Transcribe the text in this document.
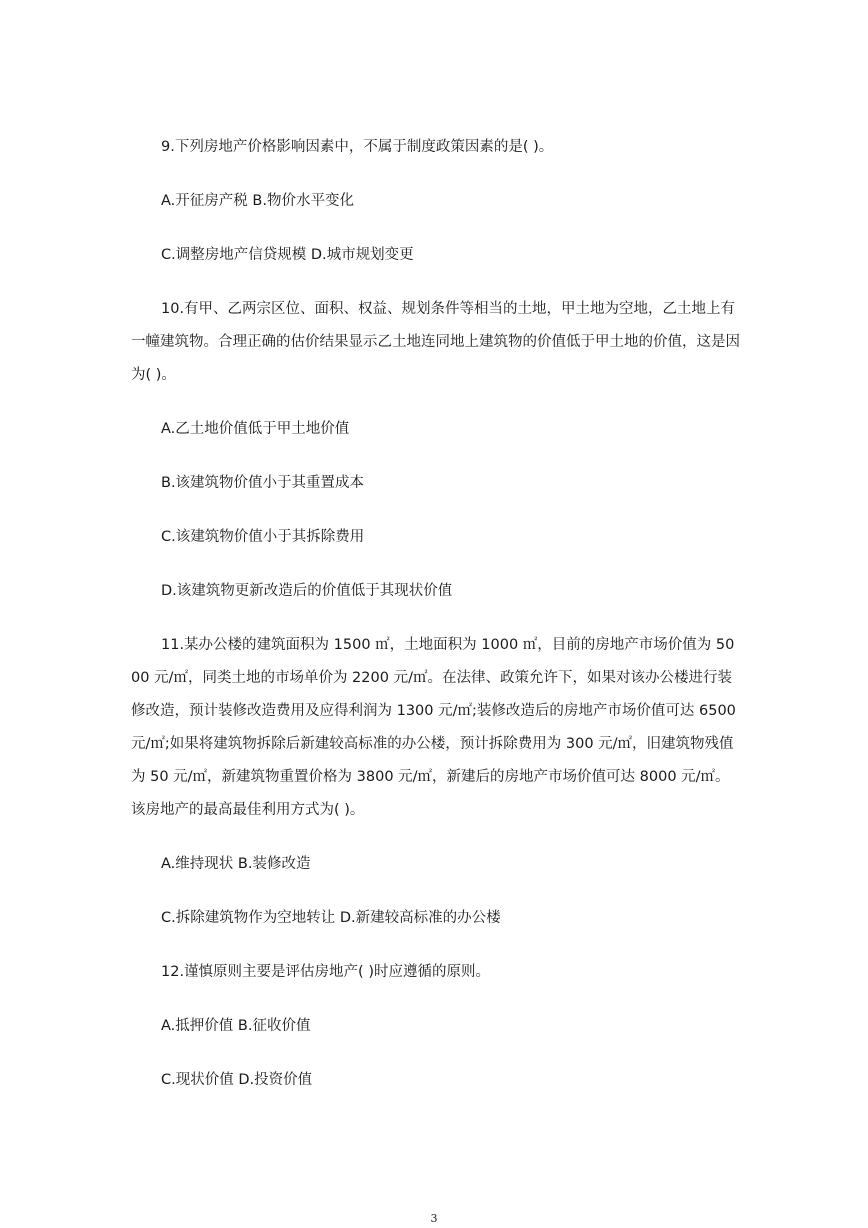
9.下列房地产价格影响因素中，不属于制度政策因素的是( )。

A.开征房产税 B.物价水平变化

C.调整房地产信贷规模 D.城市规划变更

10.有甲、乙两宗区位、面积、权益、规划条件等相当的土地，甲土地为空地，乙土地上有一幢建筑物。合理正确的估价结果显示乙土地连同地上建筑物的价值低于甲土地的价值，这是因为( )。

A.乙土地价值低于甲土地价值

B.该建筑物价值小于其重置成本

C.该建筑物价值小于其拆除费用

D.该建筑物更新改造后的价值低于其现状价值

11.某办公楼的建筑面积为 1500 ㎡，土地面积为 1000 ㎡，目前的房地产市场价值为 5000 元/㎡，同类土地的市场单价为 2200 元/㎡。在法律、政策允许下，如果对该办公楼进行装修改造，预计装修改造费用及应得利润为 1300 元/㎡;装修改造后的房地产市场价值可达 6500 元/㎡;如果将建筑物拆除后新建较高标准的办公楼，预计拆除费用为 300 元/㎡，旧建筑物残值为 50 元/㎡，新建筑物重置价格为 3800 元/㎡，新建后的房地产市场价值可达 8000 元/㎡。该房地产的最高最佳利用方式为( )。

A.维持现状 B.装修改造

C.拆除建筑物作为空地转让 D.新建较高标准的办公楼

12.谨慎原则主要是评估房地产( )时应遵循的原则。

A.抵押价值 B.征收价值

C.现状价值 D.投资价值

3
